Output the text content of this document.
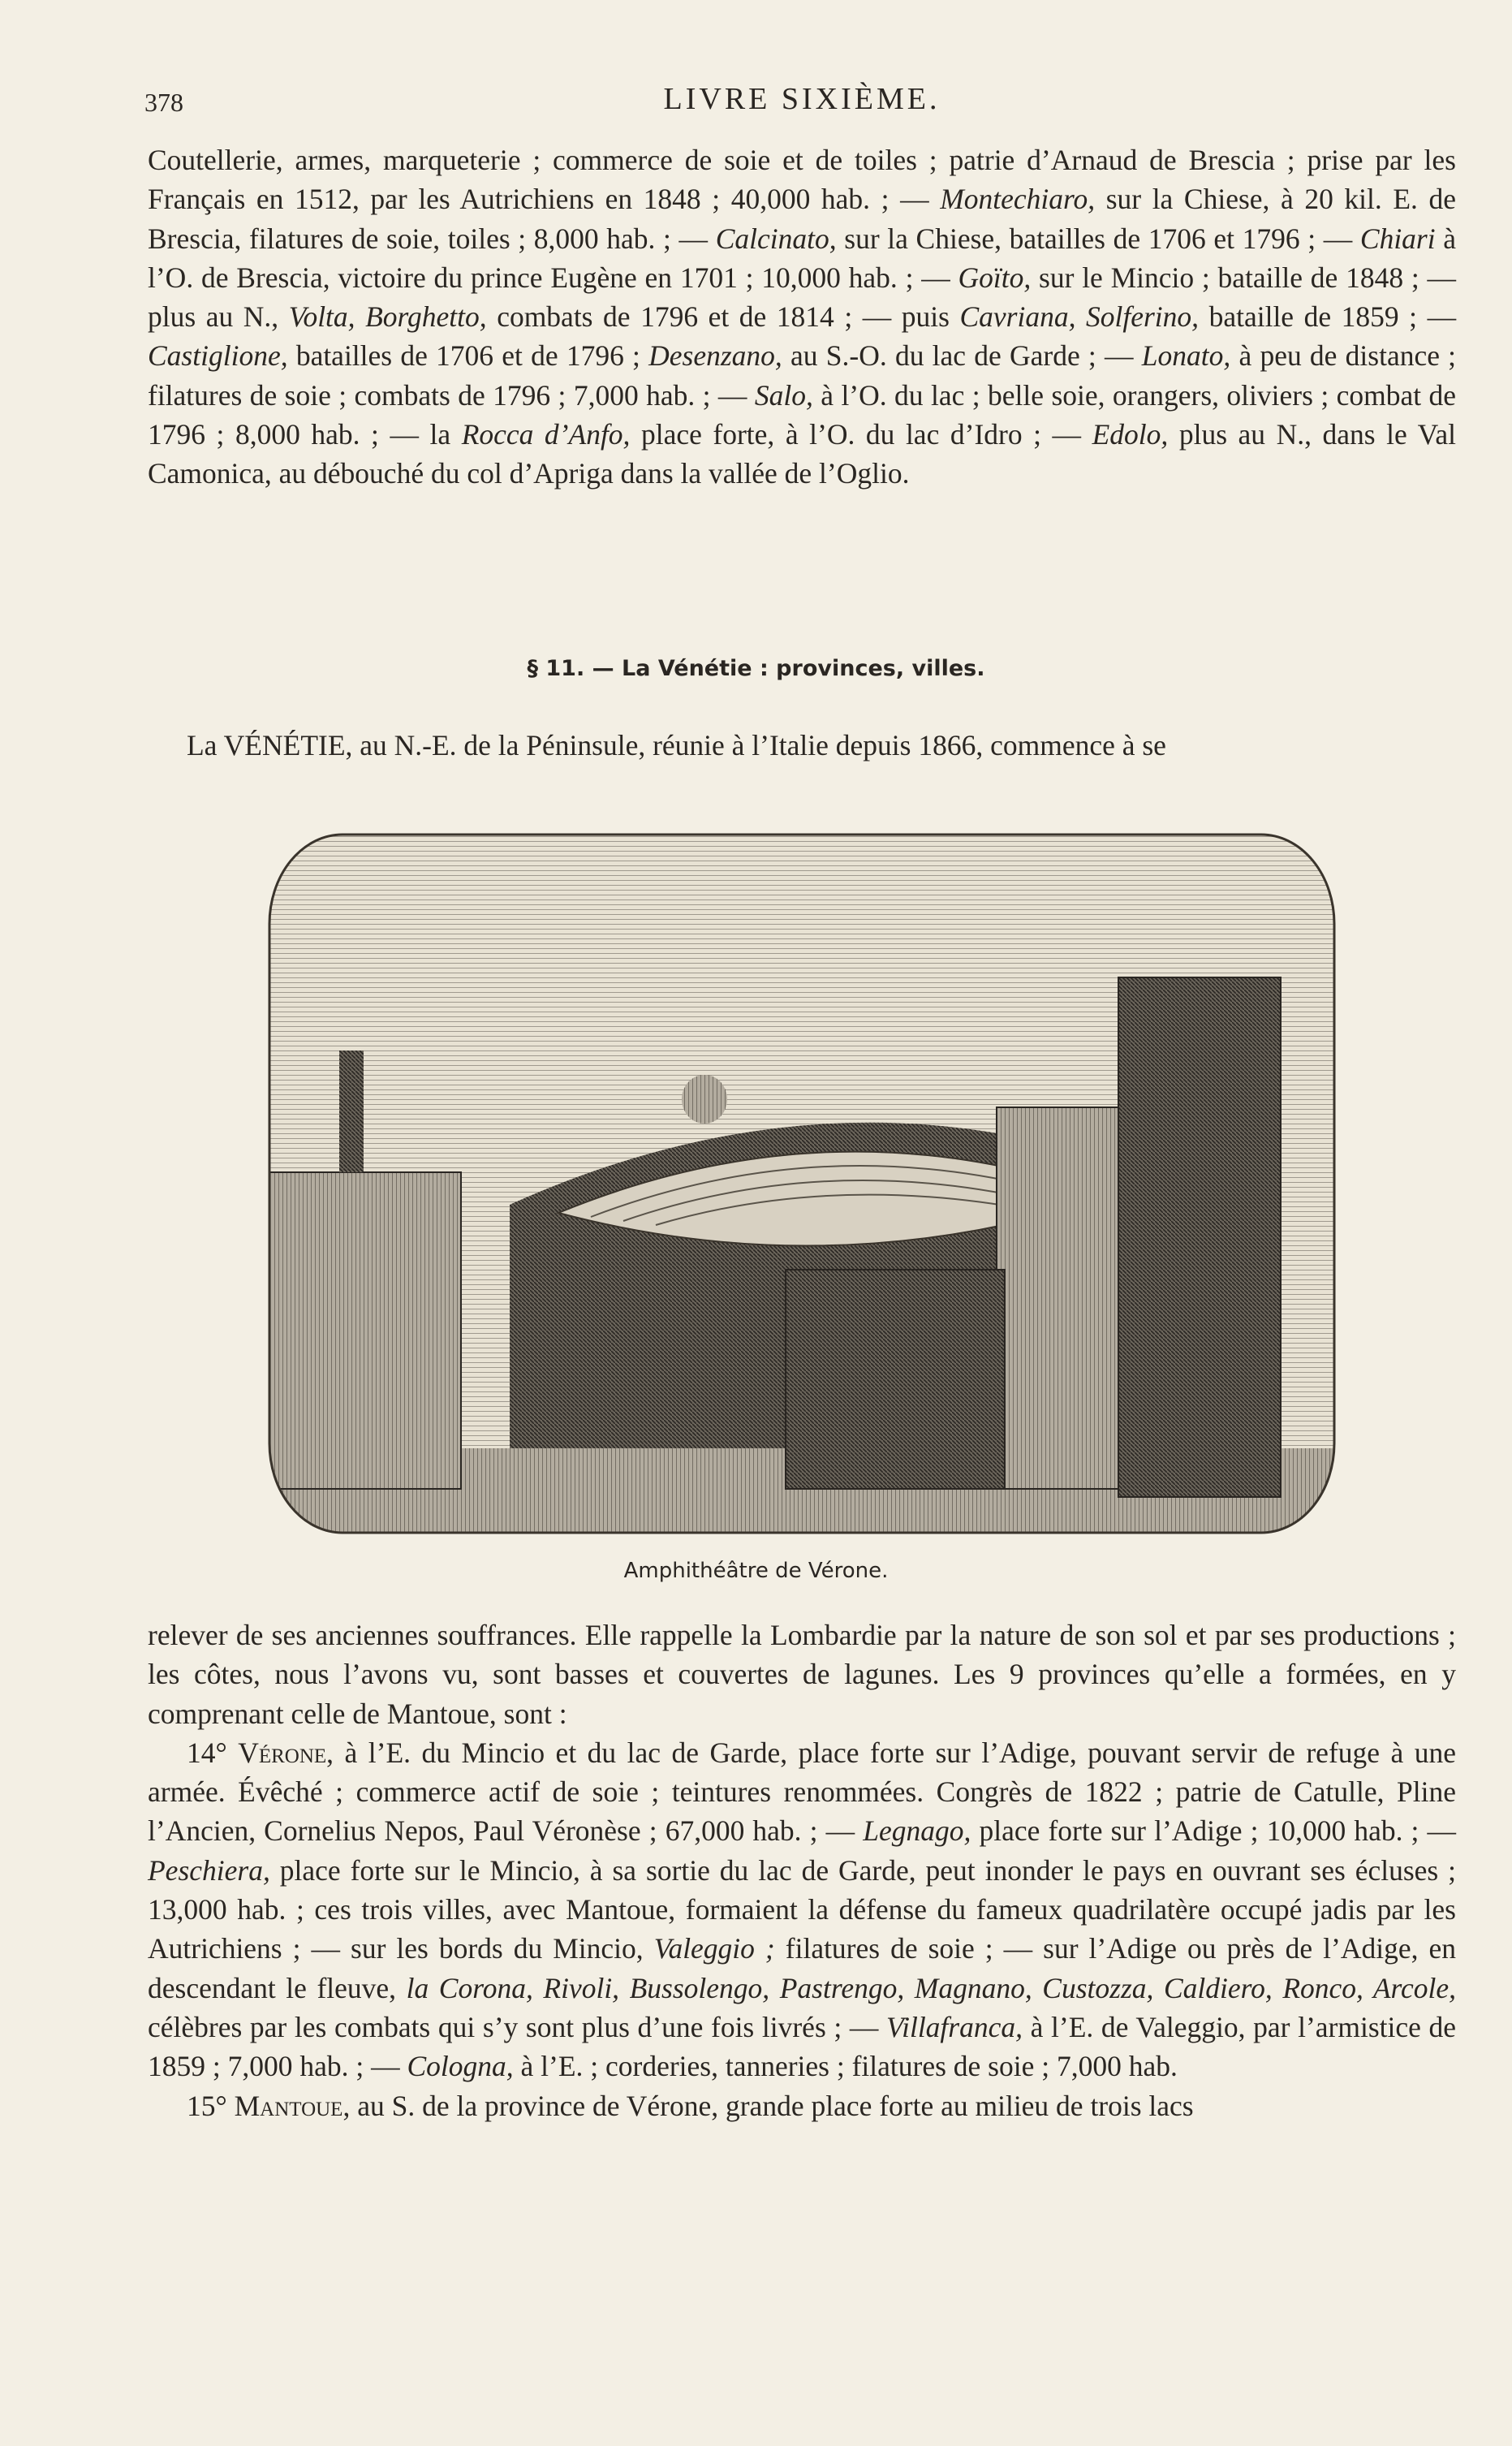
378	LIVRE SIXIÈME.

Coutellerie, armes, marqueterie ; commerce de soie et de toiles ; patrie d’Arnaud de Brescia ; prise par les Français en 1512, par les Autrichiens en 1848 ; 40,000 hab. ; — Montechiaro, sur la Chiese, à 20 kil. E. de Brescia, filatures de soie, toiles ; 8,000 hab. ; — Calcinato, sur la Chiese, batailles de 1706 et 1796 ; — Chiari à l’O. de Brescia, victoire du prince Eugène en 1701 ; 10,000 hab. ; — Goïto, sur le Mincio ; bataille de 1848 ; — plus au N., Volta, Borghetto, combats de 1796 et de 1814 ; — puis Cavriana, Solferino, bataille de 1859 ; — Castiglione, batailles de 1706 et de 1796 ; Desenzano, au S.-O. du lac de Garde ; — Lonato, à peu de distance ; filatures de soie ; combats de 1796 ; 7,000 hab. ; — Salo, à l’O. du lac ; belle soie, orangers, oliviers ; combat de 1796 ; 8,000 hab. ; — la Rocca d’Anfo, place forte, à l’O. du lac d’Idro ; — Edolo, plus au N., dans le Val Camonica, au débouché du col d’Apriga dans la vallée de l’Oglio.

§ 11. — La Vénétie : provinces, villes.

La VÉNÉTIE, au N.-E. de la Péninsule, réunie à l’Italie depuis 1866, commence à se

Amphithéâtre de Vérone.

relever de ses anciennes souffrances. Elle rappelle la Lombardie par la nature de son sol et par ses productions ; les côtes, nous l’avons vu, sont basses et couvertes de lagunes. Les 9 provinces qu’elle a formées, en y comprenant celle de Mantoue, sont :

14° Vérone, à l’E. du Mincio et du lac de Garde, place forte sur l’Adige, pouvant servir de refuge à une armée. Évêché ; commerce actif de soie ; teintures renommées. Congrès de 1822 ; patrie de Catulle, Pline l’Ancien, Cornelius Nepos, Paul Véronèse ; 67,000 hab. ; — Legnago, place forte sur l’Adige ; 10,000 hab. ; — Peschiera, place forte sur le Mincio, à sa sortie du lac de Garde, peut inonder le pays en ouvrant ses écluses ; 13,000 hab. ; ces trois villes, avec Mantoue, formaient la défense du fameux quadrilatère occupé jadis par les Autrichiens ; — sur les bords du Mincio, Valeggio ; filatures de soie ; — sur l’Adige ou près de l’Adige, en descendant le fleuve, la Corona, Rivoli, Bussolengo, Pastrengo, Magnano, Custozza, Caldiero, Ronco, Arcole, célèbres par les combats qui s’y sont plus d’une fois livrés ; — Villafranca, à l’E. de Valeggio, par l’armistice de 1859 ; 7,000 hab. ; — Cologna, à l’E. ; corderies, tanneries ; filatures de soie ; 7,000 hab.

15° Mantoue, au S. de la province de Vérone, grande place forte au milieu de trois lacs
